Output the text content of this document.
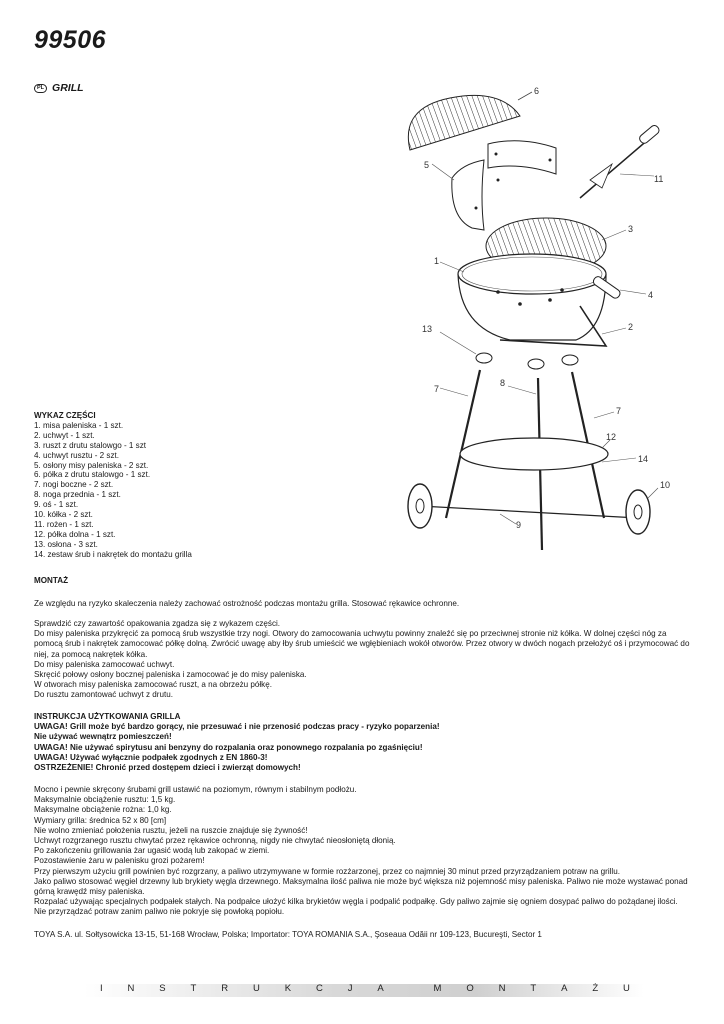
99506
PL GRILL
1
2
3
4
5
6
7
7
8
9
10
11
12
13
14
WYKAZ CZĘŚCI
1. misa paleniska - 1 szt.
2. uchwyt - 1 szt.
3. ruszt z drutu stalowgo - 1 szt
4. uchwyt rusztu - 2 szt.
5. osłony misy paleniska - 2 szt.
6. półka z drutu stalowgo - 1 szt.
7. nogi boczne - 2 szt.
8. noga przednia - 1 szt.
9. oś - 1 szt.
10. kółka - 2 szt.
11. rożen - 1 szt.
12. półka dolna - 1 szt.
13. osłona - 3 szt.
14. zestaw śrub i nakrętek do montażu grilla
MONTAŻ

Ze względu na ryzyko skaleczenia należy zachować ostrożność podczas montażu grilla. Stosować rękawice ochronne.

Sprawdzić czy zawartość opakowania zgadza się z wykazem części.

Do misy paleniska przykręcić za pomocą śrub wszystkie trzy nogi. Otwory do zamocowania uchwytu powinny znaleźć się po przeciwnej stronie niż kółka. W dolnej części nóg za pomocą śrub i nakrętek zamocować półkę dolną. Zwrócić uwagę aby łby śrub umieścić we wgłębieniach wokół otworów. Przez otwory w dwóch nogach przełożyć oś i przymocować do niej, za pomocą nakrętek kółka.

Do misy paleniska zamocować uchwyt.

Skręcić połowy osłony bocznej paleniska i zamocować je do misy paleniska.

W otworach misy paleniska zamocować ruszt, a na obrzeżu półkę.

Do rusztu zamontować uchwyt z drutu.

INSTRUKCJA UŻYTKOWANIA GRILLA

UWAGA! Grill może być bardzo gorący, nie przesuwać i nie przenosić podczas pracy - ryzyko poparzenia!

Nie używać wewnątrz pomieszczeń!

UWAGA! Nie używać spirytusu ani benzyny do rozpalania oraz ponownego rozpalania po zgaśnięciu!

UWAGA! Używać wyłącznie podpałek zgodnych z EN 1860-3!

OSTRZEŻENIE! Chronić przed dostępem dzieci i zwierząt domowych!

Mocno i pewnie skręcony śrubami grill ustawić na poziomym, równym i stabilnym podłożu.

Maksymalnie obciążenie rusztu: 1,5 kg.

Maksymalne obciążenie rożna: 1,0 kg.

Wymiary grilla: średnica 52 x 80 [cm]

Nie wolno zmieniać położenia rusztu, jeżeli na ruszcie znajduje się żywność!

Uchwyt rozgrzanego rusztu chwytać przez rękawice ochronną, nigdy nie chwytać nieosłoniętą dłonią.

Po zakończeniu grillowania żar ugasić wodą lub zakopać w ziemi.

Pozostawienie żaru w palenisku grozi pożarem!

Przy pierwszym użyciu grill powinien być rozgrzany, a paliwo utrzymywane w formie rozżarzonej, przez co najmniej 30 minut przed przyrządzaniem potraw na grillu.

Jako paliwo stosować węgiel drzewny lub brykiety węgla drzewnego. Maksymalna ilość paliwa nie może być większa niż pojemność misy paleniska. Paliwo nie może wystawać ponad górną krawędź misy paleniska.

Rozpalać używając specjalnych podpałek stałych. Na podpałce ułożyć kilka brykietów węgla i podpalić podpałkę. Gdy paliwo zajmie się ogniem dosypać paliwo do pożądanej ilości.

Nie przyrządzać potraw zanim paliwo nie pokryje się powłoką popiołu.

TOYA S.A. ul. Sołtysowicka 13-15, 51-168 Wrocław, Polska; Importator: TOYA ROMANIA S.A., Şoseaua Odăii nr 109-123, Bucureşti, Sector 1

I	N	S	T	R	U	K	C	J	A	M	O	N	T	A	Ż	U
